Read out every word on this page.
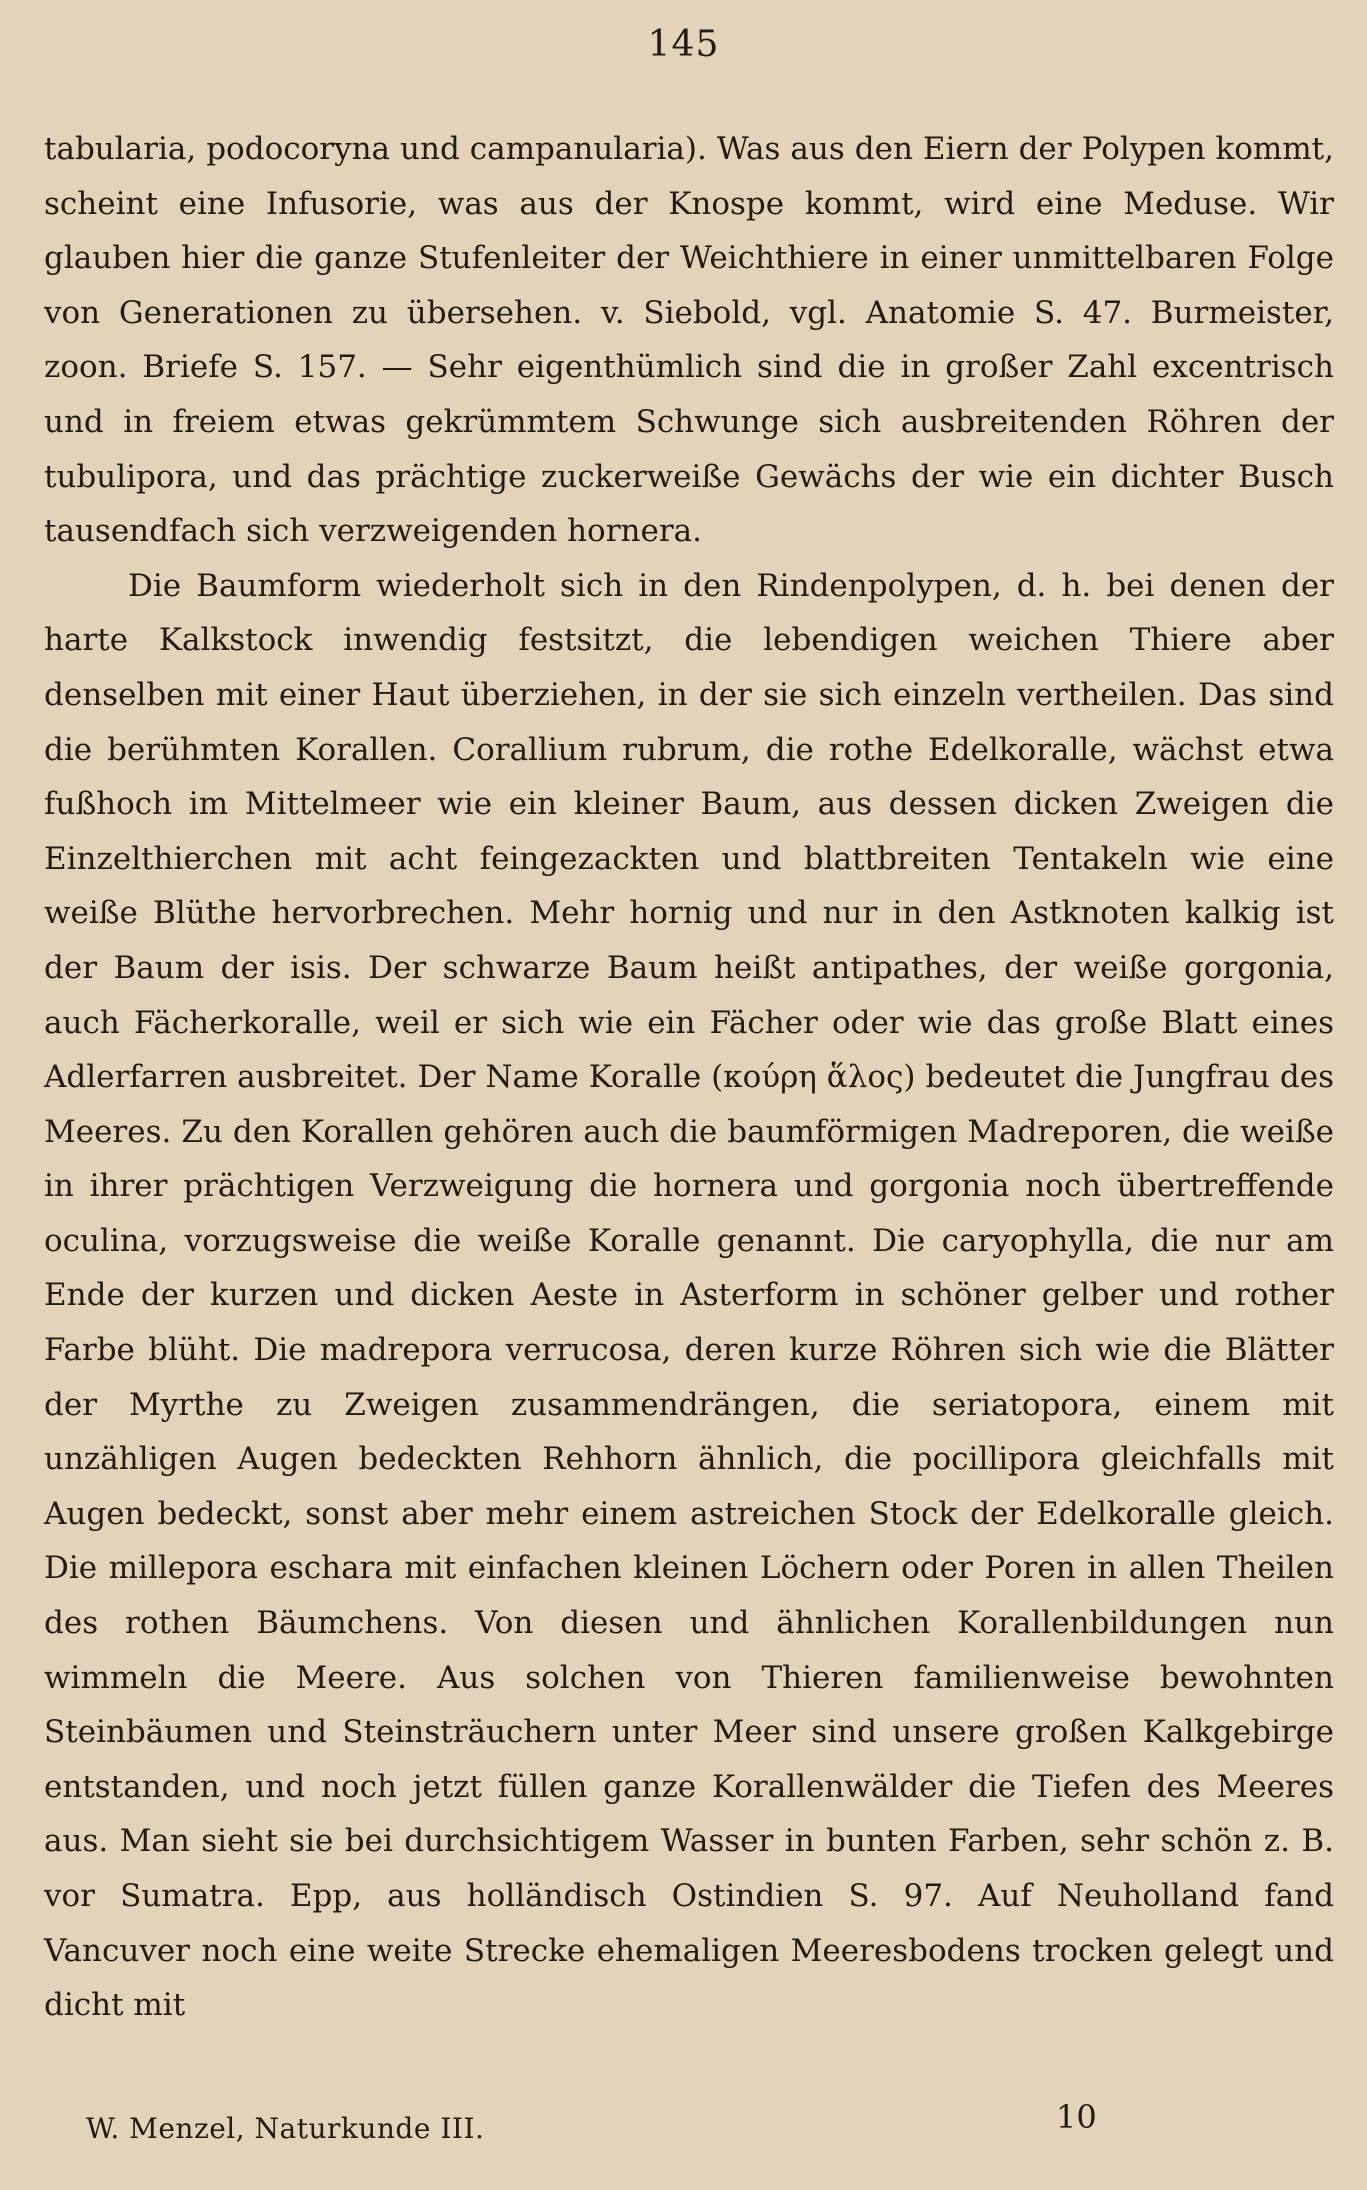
145

tabularia, podocoryna und campanularia). Was aus den Eiern der Polypen kommt, scheint eine Infusorie, was aus der Knospe kommt, wird eine Meduse. Wir glauben hier die ganze Stufenleiter der Weichthiere in einer unmittelbaren Folge von Generationen zu übersehen. v. Siebold, vgl. Anatomie S. 47. Burmeister, zoon. Briefe S. 157. — Sehr eigenthümlich sind die in großer Zahl excentrisch und in freiem etwas gekrümmtem Schwunge sich ausbreitenden Röhren der tubulipora, und das prächtige zuckerweiße Gewächs der wie ein dichter Busch tausendfach sich verzweigenden hornera.

Die Baumform wiederholt sich in den Rindenpolypen, d. h. bei denen der harte Kalkstock inwendig festsitzt, die lebendigen weichen Thiere aber denselben mit einer Haut überziehen, in der sie sich einzeln vertheilen. Das sind die berühmten Korallen. Corallium rubrum, die rothe Edelkoralle, wächst etwa fußhoch im Mittelmeer wie ein kleiner Baum, aus dessen dicken Zweigen die Einzelthierchen mit acht feingezackten und blattbreiten Tentakeln wie eine weiße Blüthe hervorbrechen. Mehr hornig und nur in den Astknoten kalkig ist der Baum der isis. Der schwarze Baum heißt antipathes, der weiße gorgonia, auch Fächerkoralle, weil er sich wie ein Fächer oder wie das große Blatt eines Adlerfarren ausbreitet. Der Name Koralle (κούρη ἅλος) bedeutet die Jungfrau des Meeres. Zu den Korallen gehören auch die baumförmigen Madreporen, die weiße in ihrer prächtigen Verzweigung die hornera und gorgonia noch übertreffende oculina, vorzugsweise die weiße Koralle genannt. Die caryophylla, die nur am Ende der kurzen und dicken Aeste in Asterform in schöner gelber und rother Farbe blüht. Die madrepora verrucosa, deren kurze Röhren sich wie die Blätter der Myrthe zu Zweigen zusammendrängen, die seriatopora, einem mit unzähligen Augen bedeckten Rehhorn ähnlich, die pocillipora gleichfalls mit Augen bedeckt, sonst aber mehr einem astreichen Stock der Edelkoralle gleich. Die millepora eschara mit einfachen kleinen Löchern oder Poren in allen Theilen des rothen Bäumchens. Von diesen und ähnlichen Korallenbildungen nun wimmeln die Meere. Aus solchen von Thieren familienweise bewohnten Steinbäumen und Steinsträuchern unter Meer sind unsere großen Kalkgebirge entstanden, und noch jetzt füllen ganze Korallenwälder die Tiefen des Meeres aus. Man sieht sie bei durchsichtigem Wasser in bunten Farben, sehr schön z. B. vor Sumatra. Epp, aus holländisch Ostindien S. 97. Auf Neuholland fand Vancuver noch eine weite Strecke ehemaligen Meeresbodens trocken gelegt und dicht mit

W. Menzel, Naturkunde III.	10
